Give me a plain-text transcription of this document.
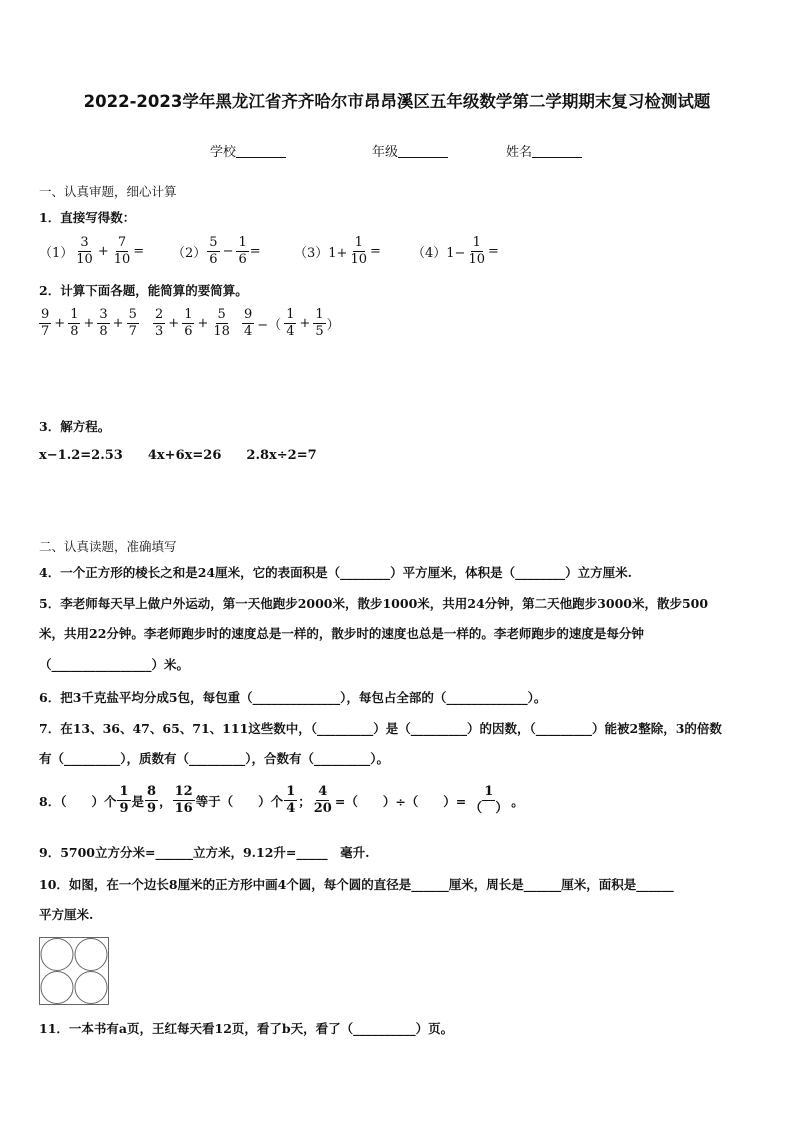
2022-2023学年黑龙江省齐齐哈尔市昂昂溪区五年级数学第二学期期末复习检测试题
学校	年级	姓名
一、认真审题，细心计算
1．直接写得数：
$(1) \frac{3}{10} + \frac{7}{10} = (2) \frac{5}{6} - \frac{1}{6}$ =	$(3)1+ \frac{1}{10} = (4)1- \frac{1}{10}$ =
2．计算下面各题，能简算的要简算。
$\frac{9}{7} + \frac{1}{8} + \frac{3}{8} + \frac{5}{7} \frac{2}{3} + \frac{1}{6} + \frac{5}{18} \frac{9}{4}$ −（ $\frac{1}{4} + \frac{1}{5}$ ）
3．解方程。
x−1.2=2.53 4x+6x=26 2.8x÷2=7
二、认真读题，准确填写
4．一个正方形的棱长之和是24厘米，它的表面积是（________）平方厘米，体积是（________）立方厘米.
5．李老师每天早上做户外运动，第一天他跑步2000米，散步1000米，共用24分钟，第二天他跑步3000米，散步500
米，共用22分钟。李老师跑步时的速度总是一样的，散步时的速度也总是一样的。李老师跑步的速度是每分钟
（________________）米。
6．把3千克盐平均分成5包，每包重（______________），每包占全部的（_____________）。
7．在13、36、47、65、71、111这些数中，（_________）是（_________）的因数，（_________）能被2整除，3的倍数
有（_________），质数有（_________），合数有（_________）。
8．（　　）个 $\frac{1}{9}$ 是 $\frac{8}{9}$ ， $\frac{12}{16}$ 等于（　　）个 $\frac{1}{4}$ ； $\frac{4}{20}$ =（　　）÷（　　）= $\frac{1}{( )}$ 。
9．5700立方分米=______立方米，9.12升=_____　毫升.
10．如图，在一个边长8厘米的正方形中画4个圆，每个圆的直径是______厘米，周长是______厘米，面积是______
平方厘米.
11．一本书有a页，王红每天看12页，看了b天，看了（__________）页。
